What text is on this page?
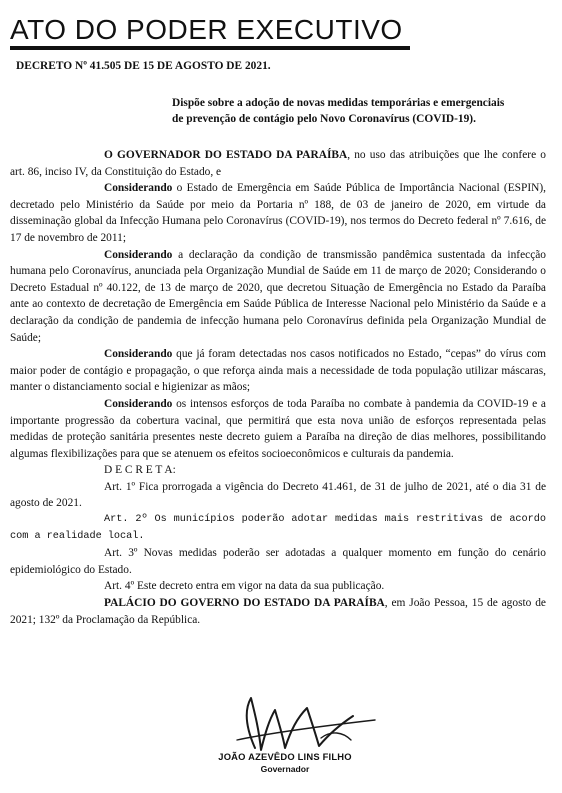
ATO DO PODER EXECUTIVO
DECRETO Nº 41.505 DE 15 DE AGOSTO DE 2021.
Dispõe sobre a adoção de novas medidas temporárias e emergenciais
de prevenção de contágio pelo Novo Coronavírus (COVID-19).

O GOVERNADOR DO ESTADO DA PARAÍBA, no uso das atribuições que lhe confere o art. 86, inciso IV, da Constituição do Estado, e

Considerando o Estado de Emergência em Saúde Pública de Importância Nacional (ESPIN), decretado pelo Ministério da Saúde por meio da Portaria nº 188, de 03 de janeiro de 2020, em virtude da disseminação global da Infecção Humana pelo Coronavírus (COVID-19), nos termos do Decreto federal nº 7.616, de 17 de novembro de 2011;

Considerando a declaração da condição de transmissão pandêmica sustentada da infecção humana pelo Coronavírus, anunciada pela Organização Mundial de Saúde em 11 de março de 2020; Considerando o Decreto Estadual nº 40.122, de 13 de março de 2020, que decretou Situação de Emergência no Estado da Paraíba ante ao contexto de decretação de Emergência em Saúde Pública de Interesse Nacional pelo Ministério da Saúde e a declaração da condição de pandemia de infecção humana pelo Coronavírus definida pela Organização Mundial de Saúde;

Considerando que já foram detectadas nos casos notificados no Estado, “cepas” do vírus com maior poder de contágio e propagação, o que reforça ainda mais a necessidade de toda população utilizar máscaras, manter o distanciamento social e higienizar as mãos;

Considerando os intensos esforços de toda Paraíba no combate à pandemia da COVID-19 e a importante progressão da cobertura vacinal, que permitirá que esta nova união de esforços representada pelas medidas de proteção sanitária presentes neste decreto guiem a Paraíba na direção de dias melhores, possibilitando algumas flexibilizações para que se atenuem os efeitos socioeconômicos e culturais da pandemia.

D E C R E T A:

Art. 1º Fica prorrogada a vigência do Decreto 41.461, de 31 de julho de 2021, até o dia 31 de agosto de 2021.

Art. 2º Os municípios poderão adotar medidas mais restritivas de acordo com a realidade local.

Art. 3º Novas medidas poderão ser adotadas a qualquer momento em função do cenário epidemiológico do Estado.

Art. 4º Este decreto entra em vigor na data da sua publicação.

PALÁCIO DO GOVERNO DO ESTADO DA PARAÍBA, em João Pessoa, 15 de agosto de 2021; 132º da Proclamação da República.

JOÃO AZEVÊDO LINS FILHO
Governador
